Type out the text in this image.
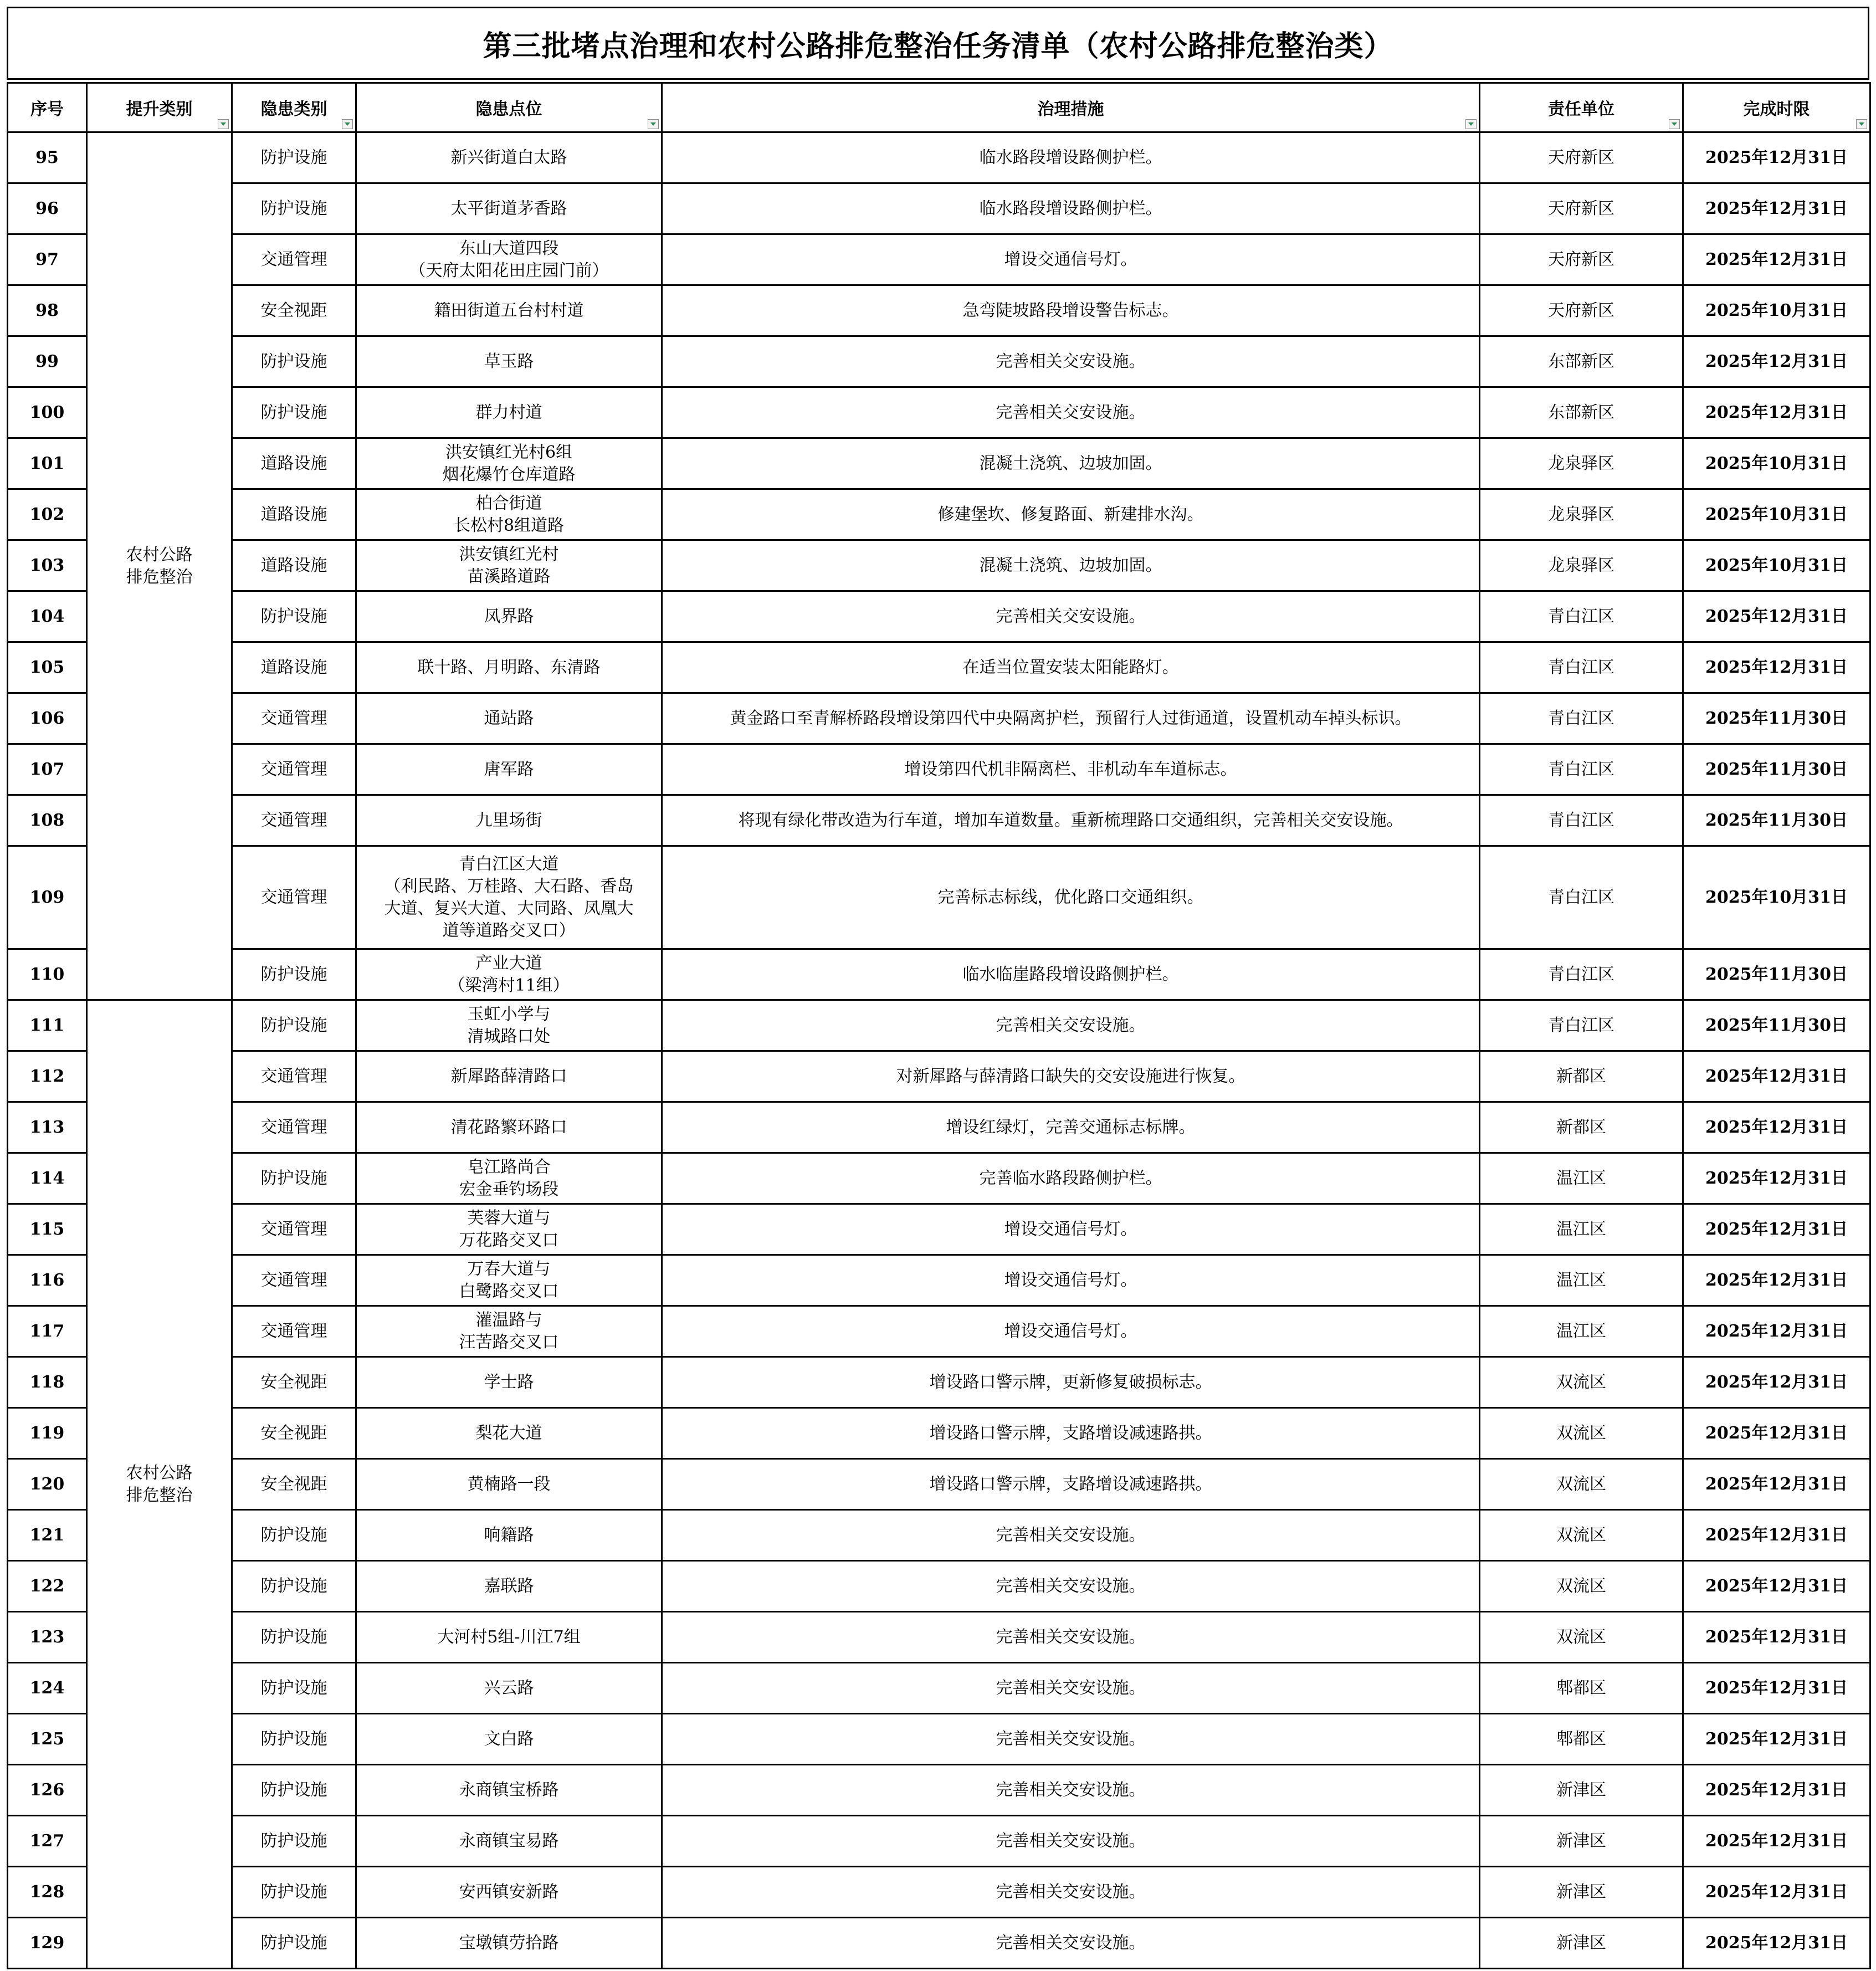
第三批堵点治理和农村公路排危整治任务清单（农村公路排危整治类）
序号	提升类别	隐患类别	隐患点位	治理措施	责任单位	完成时限

95	农村公路
排危整治	防护设施	新兴街道白太路	临水路段增设路侧护栏。	天府新区	2025年12月31日
96		防护设施	太平街道茅香路	临水路段增设路侧护栏。	天府新区	2025年12月31日
97		交通管理	东山大道四段
（天府太阳花田庄园门前）	增设交通信号灯。	天府新区	2025年12月31日
98		安全视距	籍田街道五台村村道	急弯陡坡路段增设警告标志。	天府新区	2025年10月31日
99		防护设施	草玉路	完善相关交安设施。	东部新区	2025年12月31日
100		防护设施	群力村道	完善相关交安设施。	东部新区	2025年12月31日
101		道路设施	洪安镇红光村6组
烟花爆竹仓库道路	混凝土浇筑、边坡加固。	龙泉驿区	2025年10月31日
102		道路设施	柏合街道
长松村8组道路	修建堡坎、修复路面、新建排水沟。	龙泉驿区	2025年10月31日
103		道路设施	洪安镇红光村
苗溪路道路	混凝土浇筑、边坡加固。	龙泉驿区	2025年10月31日
104		防护设施	凤界路	完善相关交安设施。	青白江区	2025年12月31日
105		道路设施	联十路、月明路、东清路	在适当位置安装太阳能路灯。	青白江区	2025年12月31日
106		交通管理	通站路	黄金路口至青解桥路段增设第四代中央隔离护栏，预留行人过街通道，设置机动车掉头标识。	青白江区	2025年11月30日
107		交通管理	唐军路	增设第四代机非隔离栏、非机动车车道标志。	青白江区	2025年11月30日
108		交通管理	九里场街	将现有绿化带改造为行车道，增加车道数量。重新梳理路口交通组织，完善相关交安设施。	青白江区	2025年11月30日
109		交通管理	青白江区大道
（利民路、万桂路、大石路、香岛
大道、复兴大道、大同路、凤凰大
道等道路交叉口）	完善标志标线，优化路口交通组织。	青白江区	2025年10月31日
110		防护设施	产业大道
（梁湾村11组）	临水临崖路段增设路侧护栏。	青白江区	2025年11月30日
111	农村公路
排危整治	防护设施	玉虹小学与
清城路口处	完善相关交安设施。	青白江区	2025年11月30日
112		交通管理	新犀路薛清路口	对新犀路与薛清路口缺失的交安设施进行恢复。	新都区	2025年12月31日
113		交通管理	清花路繁环路口	增设红绿灯，完善交通标志标牌。	新都区	2025年12月31日
114		防护设施	皂江路尚合
宏金垂钓场段	完善临水路段路侧护栏。	温江区	2025年12月31日
115		交通管理	芙蓉大道与
万花路交叉口	增设交通信号灯。	温江区	2025年12月31日
116		交通管理	万春大道与
白鹭路交叉口	增设交通信号灯。	温江区	2025年12月31日
117		交通管理	灌温路与
汪苦路交叉口	增设交通信号灯。	温江区	2025年12月31日
118		安全视距	学士路	增设路口警示牌，更新修复破损标志。	双流区	2025年12月31日
119		安全视距	梨花大道	增设路口警示牌，支路增设减速路拱。	双流区	2025年12月31日
120		安全视距	黄楠路一段	增设路口警示牌，支路增设减速路拱。	双流区	2025年12月31日
121		防护设施	响籍路	完善相关交安设施。	双流区	2025年12月31日
122		防护设施	嘉联路	完善相关交安设施。	双流区	2025年12月31日
123		防护设施	大河村5组-川江7组	完善相关交安设施。	双流区	2025年12月31日
124		防护设施	兴云路	完善相关交安设施。	郫都区	2025年12月31日
125		防护设施	文白路	完善相关交安设施。	郫都区	2025年12月31日
126		防护设施	永商镇宝桥路	完善相关交安设施。	新津区	2025年12月31日
127		防护设施	永商镇宝易路	完善相关交安设施。	新津区	2025年12月31日
128		防护设施	安西镇安新路	完善相关交安设施。	新津区	2025年12月31日
129		防护设施	宝墩镇劳拾路	完善相关交安设施。	新津区	2025年12月31日
